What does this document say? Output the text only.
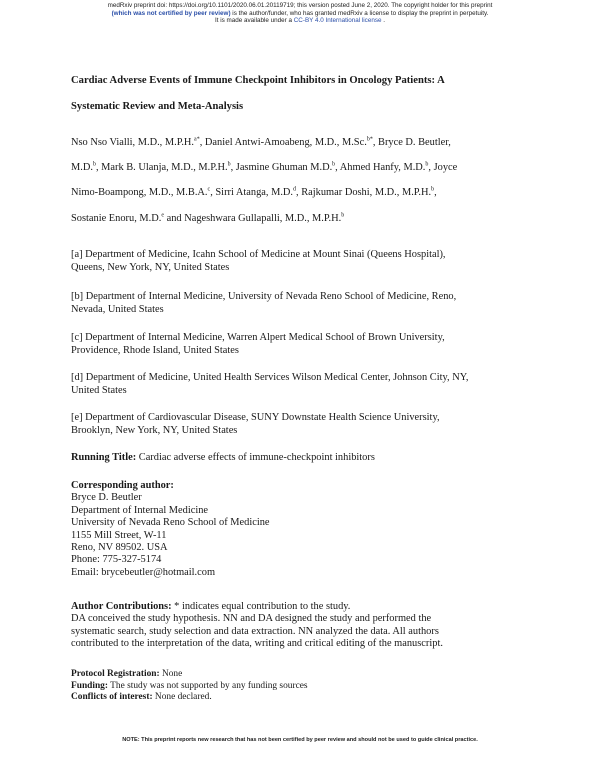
medRxiv preprint doi: https://doi.org/10.1101/2020.06.01.20119719; this version posted June 2, 2020. The copyright holder for this preprint
(which was not certified by peer review) is the author/funder, who has granted medRxiv a license to display the preprint in perpetuity.
It is made available under a CC-BY 4.0 International license .
Cardiac Adverse Events of Immune Checkpoint Inhibitors in Oncology Patients: A
Systematic Review and Meta-Analysis
Nso Nso Vialli, M.D., M.P.H.$^{a*}$, Daniel Antwi-Amoabeng, M.D., M.Sc.$^{b*}$, Bryce D. Beutler,
M.D.$^b$, Mark B. Ulanja, M.D., M.P.H.$^b$, Jasmine Ghuman M.D.$^b$, Ahmed Hanfy, M.D.$^b$, Joyce
Nimo-Boampong, M.D., M.B.A.$^c$, Sirri Atanga, M.D.$^d$, Rajkumar Doshi, M.D., M.P.H.$^b$,
Sostanie Enoru, M.D.$^e$ and Nageshwara Gullapalli, M.D., M.P.H.$^b$
[a] Department of Medicine, Icahn School of Medicine at Mount Sinai (Queens Hospital),
Queens, New York, NY, United States
[b] Department of Internal Medicine, University of Nevada Reno School of Medicine, Reno,
Nevada, United States
[c] Department of Internal Medicine, Warren Alpert Medical School of Brown University,
Providence, Rhode Island, United States
[d] Department of Medicine, United Health Services Wilson Medical Center, Johnson City, NY,
United States
[e] Department of Cardiovascular Disease, SUNY Downstate Health Science University,
Brooklyn, New York, NY, United States
Running Title: Cardiac adverse effects of immune-checkpoint inhibitors
Corresponding author:
Bryce D. Beutler
Department of Internal Medicine
University of Nevada Reno School of Medicine
1155 Mill Street, W-11
Reno, NV 89502. USA
Phone: 775-327-5174
Email: brycebeutler@hotmail.com
Author Contributions: * indicates equal contribution to the study.
DA conceived the study hypothesis. NN and DA designed the study and performed the
systematic search, study selection and data extraction. NN analyzed the data. All authors
contributed to the interpretation of the data, writing and critical editing of the manuscript.
Protocol Registration: None
Funding: The study was not supported by any funding sources
Conflicts of interest: None declared.
NOTE: This preprint reports new research that has not been certified by peer review and should not be used to guide clinical practice.
